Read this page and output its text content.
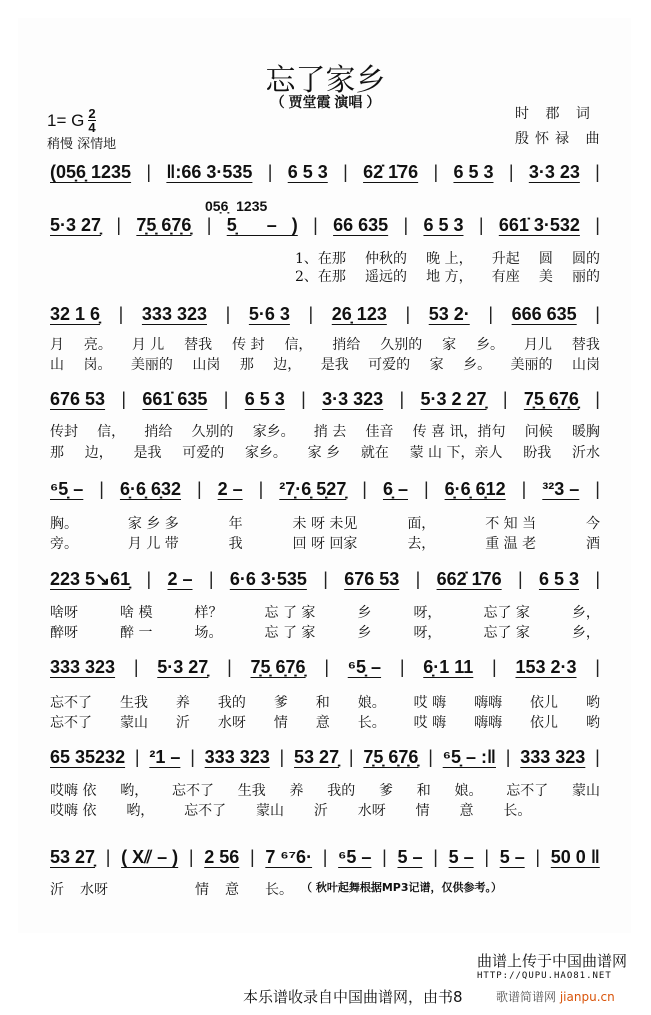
忘了家乡
（ 贾堂霞 演唱 ）
1= G $\frac{2}{4}$
稍慢 深情地
时 郡 词
殷怀禄 曲
05̣6̣  1235
(05̣6̣ 1235 | ‖:66 3·535 | 6 5 3 | 62̇ 1̇76 | 6 5 3 | 3·3 23 |
5·3 27̣ | 7̣5̣ 6̣7̣6̣ | 5̣      –   ) | 66 635 | 6 5 3 | 661̇ 3·532 |
1、在那 仲秋的 晚 上， 升起 圆 圆的
2、在那 遥远的 地 方， 有座 美 丽的
32 1 6̣ | 333 323 | 5·6 3 | 26̣ 123 | 53 2· | 666 635 |
月 亮。 月 儿 替我 传 封 信， 捎给 久别的 家 乡。 月儿 替我
山 岗。 美丽的 山岗 那 边， 是我 可爱的 家 乡。 美丽的 山岗
676 53 | 661̇ 635 | 6 5 3 | 3·3 323 | 5·3 2 27̣ | 7̣5̣ 6̣7̣6̣ |
传封 信， 捎给 久别的 家乡。 捎 去 佳音 传 喜 讯，捎句 问候 暖胸
那 边， 是我 可爱的 家乡。 家 乡 就在 蒙 山 下，亲人 盼我 沂水
⁶5̣ – | 6̣·6̣ 6̣32 | 2 – | ²7̣·6̣ 5̣27̣ | 6̣ – | 6̣·6̣ 6̣12 | ³²3 – |
胸。	家 乡 多	年	未 呀 未见	面，	不 知 当	今
旁。	月 儿 带	我	回 呀 回家	去，	重 温 老	酒
223 5↘61̣ | 2 – | 6·6 3·535 | 676 53 | 662̇ 1̇76 | 6 5 3 |
啥呀	啥 模	样？	忘 了 家	乡	呀，	忘了 家	乡，
醉呀	醉 一	场。	忘 了 家	乡	呀，	忘了 家	乡，
333 323 | 5·3 27̣ | 7̣5̣ 6̣7̣6̣ | ⁶5̣ – | 6̣·1 11 | 153 2·3 |
忘不了 生我 养 我的 爹 和 娘。 哎 嗨 嗨嗨 依儿 哟
忘不了 蒙山 沂 水呀 情 意 长。 哎 嗨 嗨嗨 依儿 哟
65 35232 | ²1 – | 333 323 | 53 27̣ | 7̣5̣ 6̣7̣6̣ | ⁶5̣ – :‖ | 333 323 |
哎嗨 依 哟， 忘不了 生我 养 我的 爹 和 娘。 忘不了 蒙山
哎嗨 依 哟， 忘不了 蒙山 沂 水呀 情 意 长。

53 27̣ | ( X⫽ – ) | 2 56 | 7 ⁶⁷6· | ⁶5 – | 5 – | 5 – | 5 – | 50 0 ‖
沂 水呀	情 意 长。 （ 秋叶起舞根据MP3记谱，仅供参考。）
曲谱上传于中国曲谱网
HTTP://QUPU.HAO81.NET
本乐谱收录自中国曲谱网，由书8	歌谱简谱网 jianpu.cn
